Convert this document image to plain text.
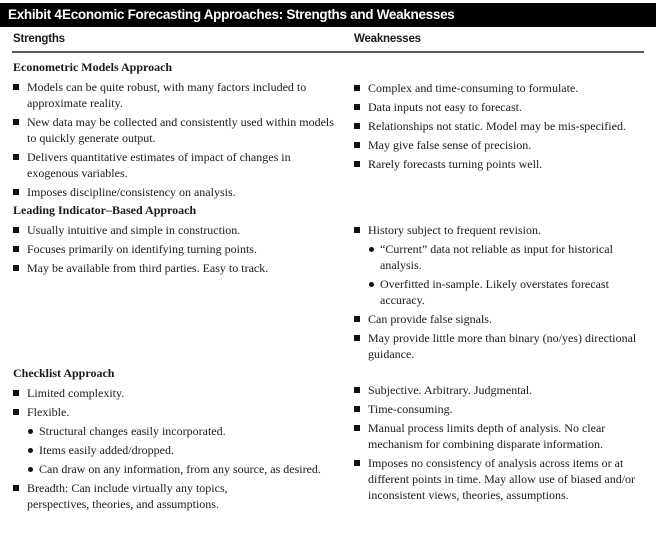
Exhibit 4 Economic Forecasting Approaches: Strengths and Weaknesses
Strengths	Weaknesses
Econometric Models Approach
Models can be quite robust, with many factors included to approximate reality.
New data may be collected and consistently used within models to quickly generate output.
Delivers quantitative estimates of impact of changes in exogenous variables.
Imposes discipline/consistency on analysis.
Leading Indicator–Based Approach
Usually intuitive and simple in construction.
Focuses primarily on identifying turning points.
May be available from third parties. Easy to track.
Checklist Approach
Limited complexity.
Flexible.
Structural changes easily incorporated.
Items easily added/dropped.
Can draw on any information, from any source, as desired.
Breadth: Can include virtually any topics, perspectives, theories, and assumptions.
Complex and time-consuming to formulate.
Data inputs not easy to forecast.
Relationships not static. Model may be mis-specified.
May give false sense of precision.
Rarely forecasts turning points well.
History subject to frequent revision.
“Current” data not reliable as input for historical analysis.
Overfitted in-sample. Likely overstates forecast accuracy.
Can provide false signals.
May provide little more than binary (no/yes) directional guidance.
Subjective. Arbitrary. Judgmental.
Time-consuming.
Manual process limits depth of analysis. No clear mechanism for combining disparate information.
Imposes no consistency of analysis across items or at different points in time. May allow use of biased and/or inconsistent views, theories, assumptions.
